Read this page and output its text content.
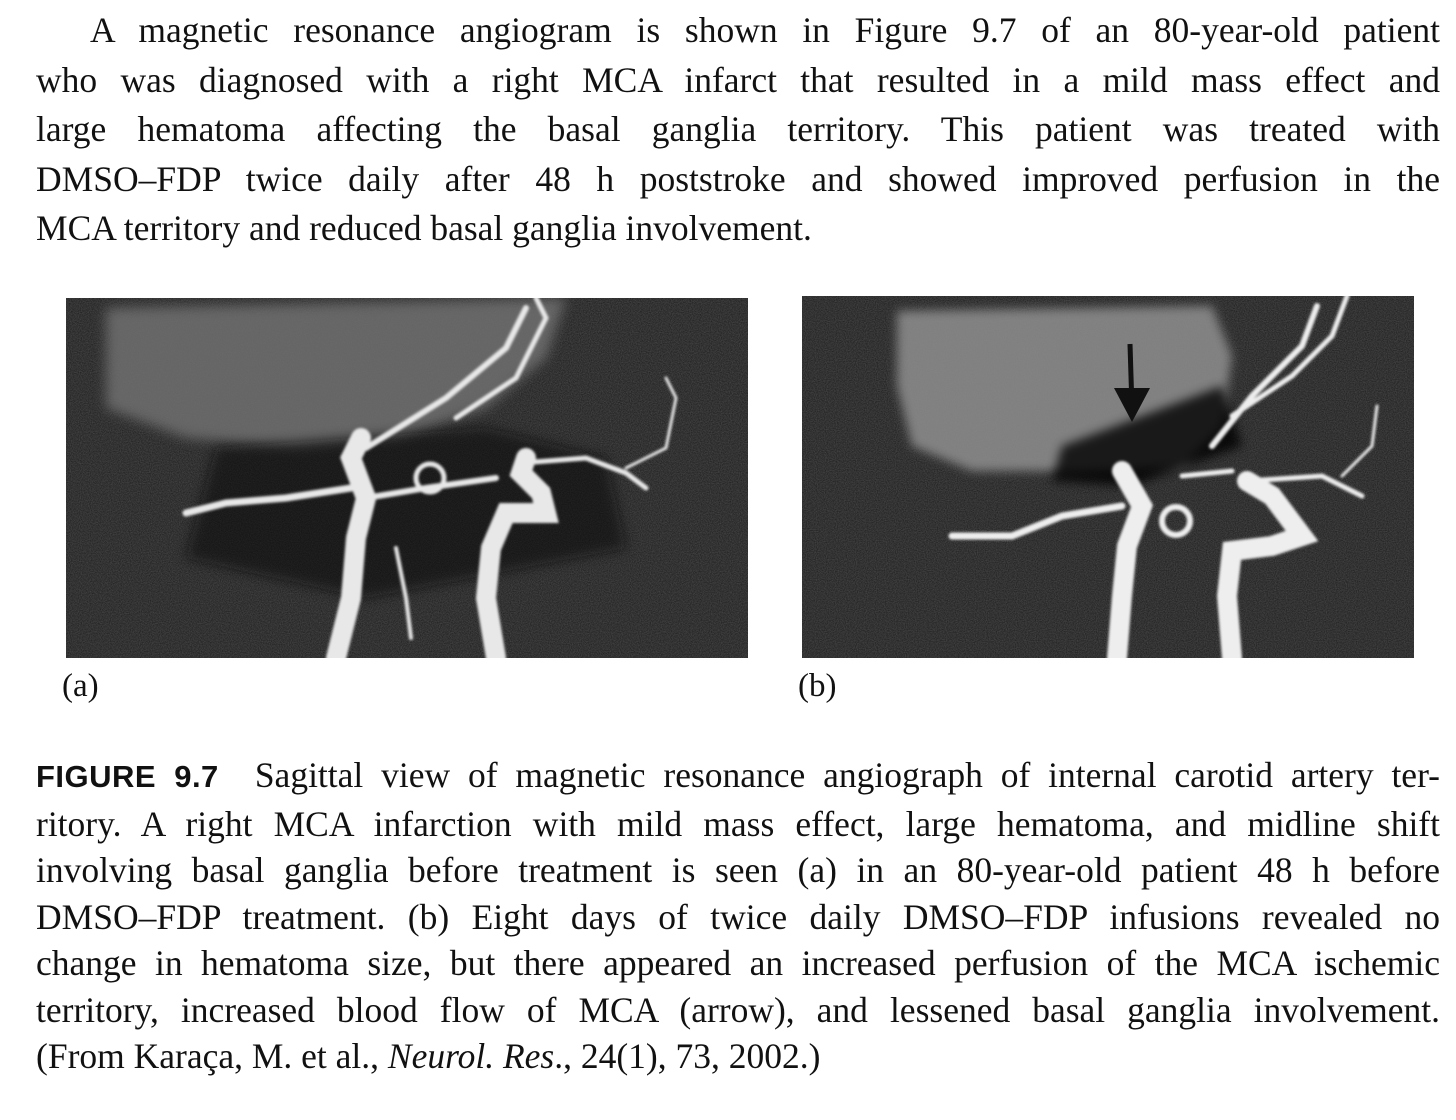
A magnetic resonance angiogram is shown in Figure 9.7 of an 80-year-old patient
who was diagnosed with a right MCA infarct that resulted in a mild mass effect and
large hematoma affecting the basal ganglia territory. This patient was treated with
DMSO–FDP twice daily after 48 h poststroke and showed improved perfusion in the
MCA territory and reduced basal ganglia involvement.
(a)	(b)
FIGURE 9.7 Sagittal view of magnetic resonance angiograph of internal carotid artery ter-
ritory. A right MCA infarction with mild mass effect, large hematoma, and midline shift
involving basal ganglia before treatment is seen (a) in an 80-year-old patient 48 h before
DMSO–FDP treatment. (b) Eight days of twice daily DMSO–FDP infusions revealed no
change in hematoma size, but there appeared an increased perfusion of the MCA ischemic
territory, increased blood flow of MCA (arrow), and lessened basal ganglia involvement.
(From Karaça, M. et al., Neurol. Res., 24(1), 73, 2002.)
